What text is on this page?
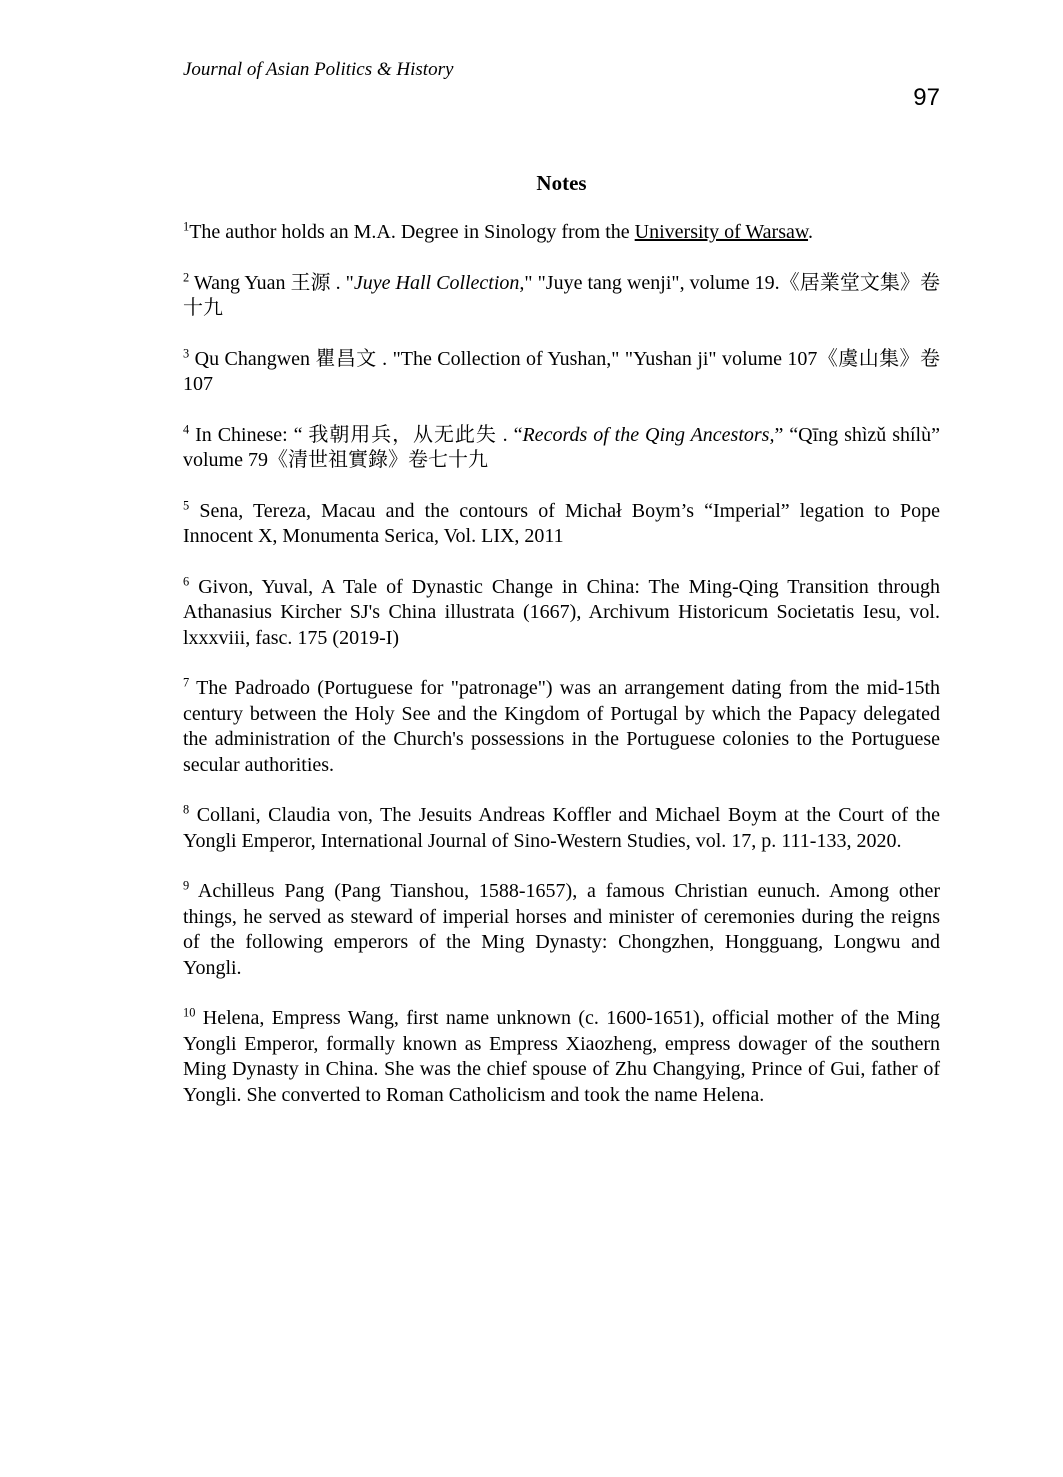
Journal of Asian Politics & History
97
Notes

$^1$The author holds an M.A. Degree in Sinology from the University of Warsaw.

$^2$ Wang Yuan 王源 . "Juye Hall Collection," "Juye tang wenji", volume 19.《居業堂文集》卷十九

$^3$ Qu Changwen 瞿昌文 . "The Collection of Yushan," "Yushan ji" volume 107《虞山集》卷 107

$^4$ In Chinese: “ 我朝用兵，从无此失 . “Records of the Qing Ancestors,” “Qīng shìzǔ shílù” volume 79《清世祖實錄》卷七十九

$^5$ Sena, Tereza, Macau and the contours of Michał Boym’s “Imperial” legation to Pope Innocent X, Monumenta Serica, Vol. LIX, 2011

$^6$ Givon, Yuval, A Tale of Dynastic Change in China: The Ming-Qing Transition through Athanasius Kircher SJ's China illustrata (1667), Archivum Historicum Societatis Iesu, vol. lxxxviii, fasc. 175 (2019-I)

$^7$ The Padroado (Portuguese for "patronage") was an arrangement dating from the mid-15th century between the Holy See and the Kingdom of Portugal by which the Papacy delegated the administration of the Church's possessions in the Portuguese colonies to the Portuguese secular authorities.

$^8$ Collani, Claudia von, The Jesuits Andreas Koffler and Michael Boym at the Court of the Yongli Emperor, International Journal of Sino-Western Studies, vol. 17, p. 111-133, 2020.

$^9$ Achilleus Pang (Pang Tianshou, 1588-1657), a famous Christian eunuch. Among other things, he served as steward of imperial horses and minister of ceremonies during the reigns of the following emperors of the Ming Dynasty: Chongzhen, Hongguang, Longwu and Yongli.

$^{10}$ Helena, Empress Wang, first name unknown (c. 1600-1651), official mother of the Ming Yongli Emperor, formally known as Empress Xiaozheng, empress dowager of the southern Ming Dynasty in China. She was the chief spouse of Zhu Changying, Prince of Gui, father of Yongli. She converted to Roman Catholicism and took the name Helena.
